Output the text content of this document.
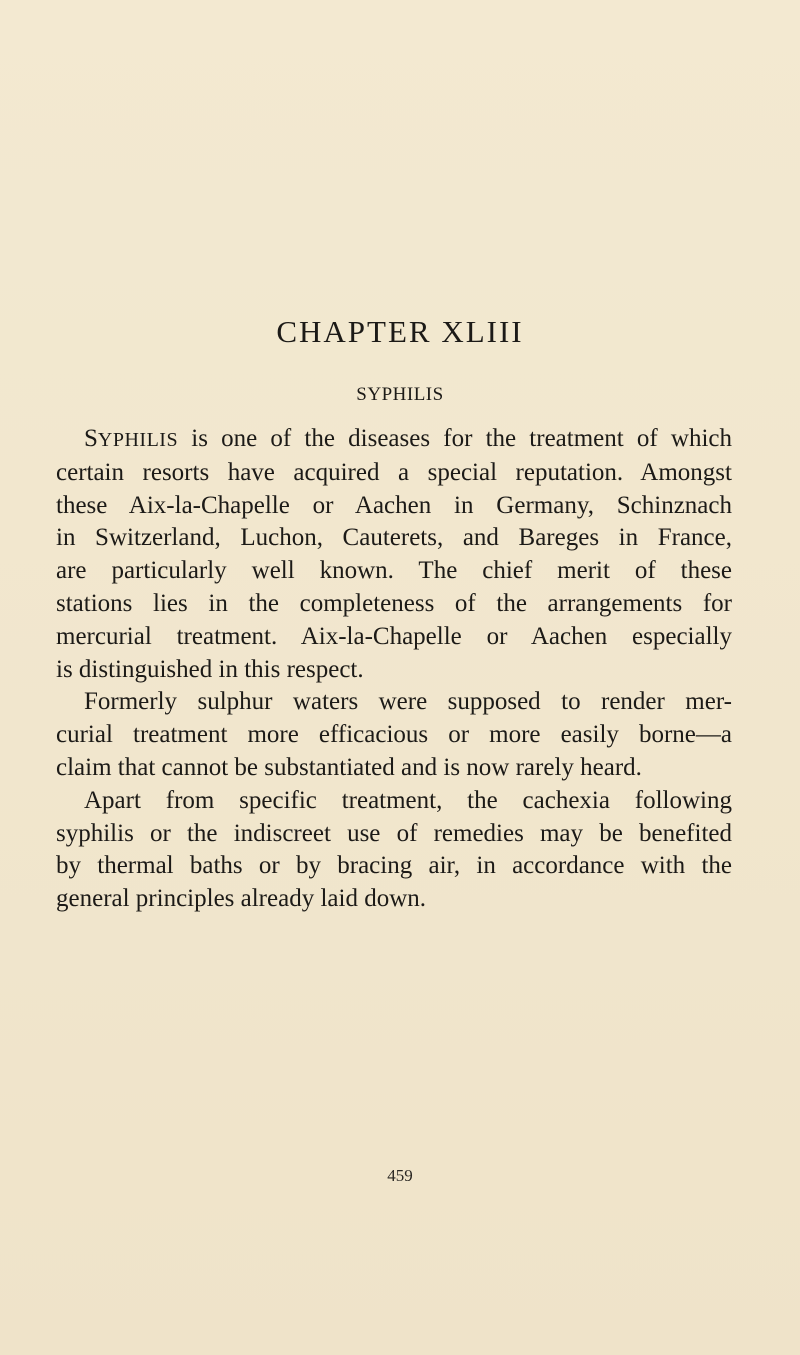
CHAPTER XLIII
SYPHILIS
SYPHILIS is one of the diseases for the treatment of which
certain resorts have acquired a special reputation. Amongst
these Aix-la-Chapelle or Aachen in Germany, Schinznach
in Switzerland, Luchon, Cauterets, and Bareges in France,
are particularly well known. The chief merit of these
stations lies in the completeness of the arrangements for
mercurial treatment. Aix-la-Chapelle or Aachen especially
is distinguished in this respect.
Formerly sulphur waters were supposed to render mer-
curial treatment more efficacious or more easily borne—a
claim that cannot be substantiated and is now rarely heard.
Apart from specific treatment, the cachexia following
syphilis or the indiscreet use of remedies may be benefited
by thermal baths or by bracing air, in accordance with the
general principles already laid down.
459
